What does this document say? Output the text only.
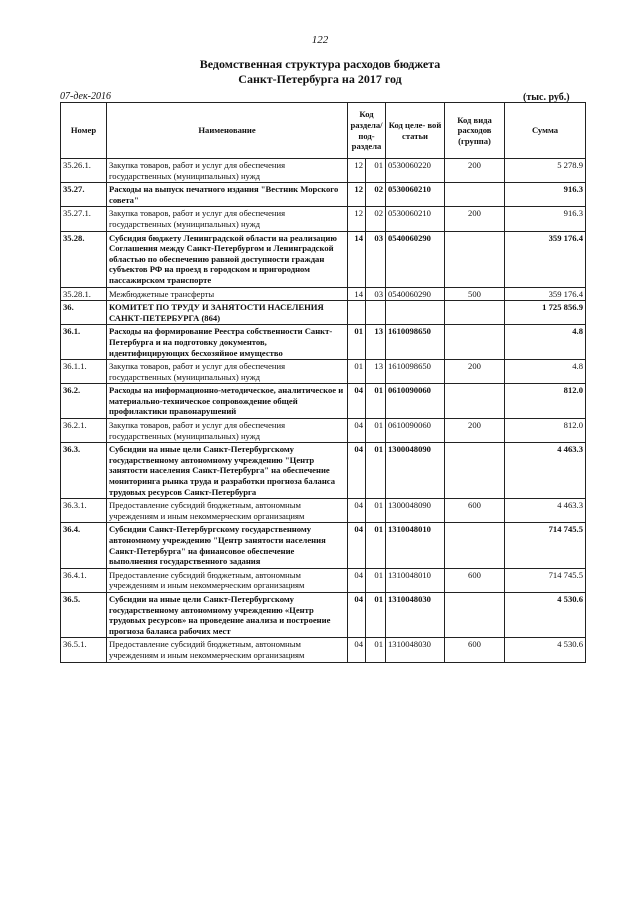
122
Ведомственная структура расходов бюджета
Санкт-Петербурга на 2017 год
07-дек-2016	(тыс. руб.)
Номер	Наименование	Код раздела/ под- раздела		Код целе- вой статьи	Код вида расходов (группа)	Сумма
35.26.1.	Закупка товаров, работ и услуг для обеспечения государственных (муниципальных) нужд	12	01	0530060220	200	5 278.9
35.27.	Расходы на выпуск печатного издания "Вестник Морского совета"	12	02	0530060210		916.3
35.27.1.	Закупка товаров, работ и услуг для обеспечения государственных (муниципальных) нужд	12	02	0530060210	200	916.3
35.28.	Субсидия бюджету Ленинградской области на реализацию Соглашения между Санкт-Петербургом и Ленинградской областью по обеспечению равной доступности граждан субъектов РФ на проезд в городском и пригородном пассажирском транспорте	14	03	0540060290		359 176.4
35.28.1.	Межбюджетные трансферты	14	03	0540060290	500	359 176.4
36.	КОМИТЕТ ПО ТРУДУ И ЗАНЯТОСТИ НАСЕЛЕНИЯ САНКТ-ПЕТЕРБУРГА (864)					1 725 856.9
36.1.	Расходы на формирование Реестра собственности Санкт-Петербурга и на подготовку документов, идентифицирующих бесхозяйное имущество	01	13	1610098650		4.8
36.1.1.	Закупка товаров, работ и услуг для обеспечения государственных (муниципальных) нужд	01	13	1610098650	200	4.8
36.2.	Расходы на информационно-методическое, аналитическое и материально-техническое сопровождение общей профилактики правонарушений	04	01	0610090060		812.0
36.2.1.	Закупка товаров, работ и услуг для обеспечения государственных (муниципальных) нужд	04	01	0610090060	200	812.0
36.3.	Субсидии на иные цели Санкт-Петербургскому государственному автономному учреждению "Центр занятости населения Санкт-Петербурга" на обеспечение мониторинга рынка труда и разработки прогноза баланса трудовых ресурсов Санкт-Петербурга	04	01	1300048090		4 463.3
36.3.1.	Предоставление субсидий бюджетным, автономным учреждениям и иным некоммерческим организациям	04	01	1300048090	600	4 463.3
36.4.	Субсидии Санкт-Петербургскому государственному автономному учреждению "Центр занятости населения Санкт-Петербурга" на финансовое обеспечение выполнения государственного задания	04	01	1310048010		714 745.5
36.4.1.	Предоставление субсидий бюджетным, автономным учреждениям и иным некоммерческим организациям	04	01	1310048010	600	714 745.5
36.5.	Субсидии на иные цели Санкт-Петербургскому государственному автономному учреждению «Центр трудовых ресурсов» на проведение анализа и построение прогноза баланса рабочих мест	04	01	1310048030		4 530.6
36.5.1.	Предоставление субсидий бюджетным, автономным учреждениям и иным некоммерческим организациям	04	01	1310048030	600	4 530.6
